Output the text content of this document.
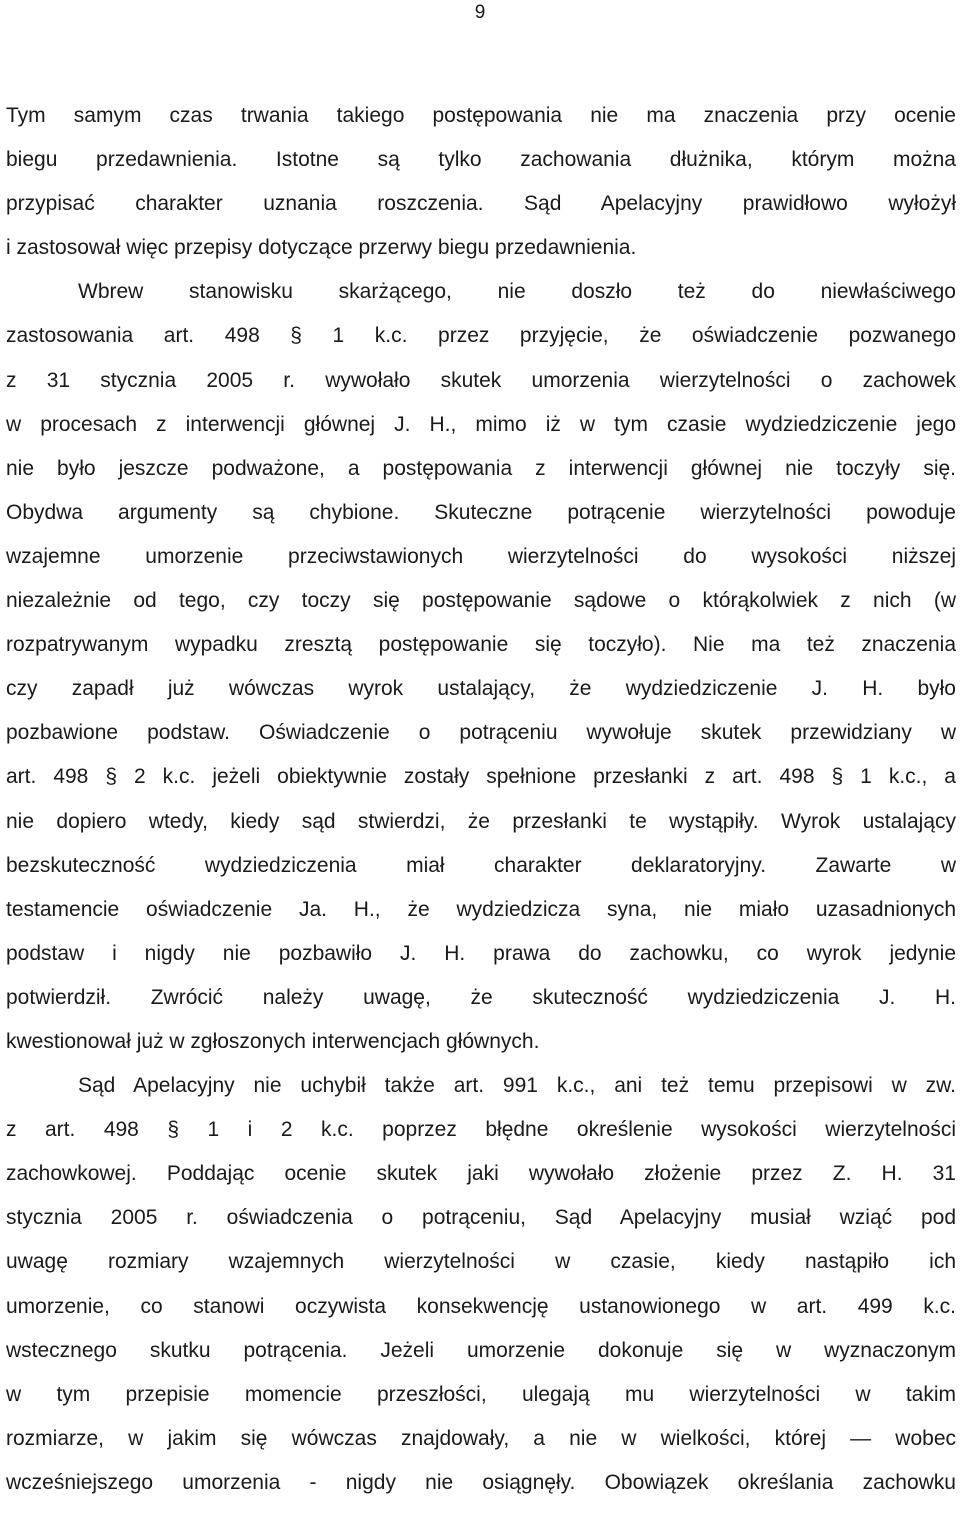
9
Tym samym czas trwania takiego postępowania nie ma znaczenia przy ocenie
biegu przedawnienia. Istotne są tylko zachowania dłużnika, którym można
przypisać charakter uznania roszczenia. Sąd Apelacyjny prawidłowo wyłożył
i zastosował więc przepisy dotyczące przerwy biegu przedawnienia.
Wbrew stanowisku skarżącego, nie doszło też do niewłaściwego
zastosowania art. 498 § 1 k.c. przez przyjęcie, że oświadczenie pozwanego
z 31 stycznia 2005 r. wywołało skutek umorzenia wierzytelności o zachowek
w procesach z interwencji głównej J. H., mimo iż w tym czasie wydziedziczenie jego
nie było jeszcze podważone, a postępowania z interwencji głównej nie toczyły się.
Obydwa argumenty są chybione. Skuteczne potrącenie wierzytelności powoduje
wzajemne umorzenie przeciwstawionych wierzytelności do wysokości niższej
niezależnie od tego, czy toczy się postępowanie sądowe o którąkolwiek z nich (w
rozpatrywanym wypadku zresztą postępowanie się toczyło). Nie ma też znaczenia
czy zapadł już wówczas wyrok ustalający, że wydziedziczenie J. H. było
pozbawione podstaw. Oświadczenie o potrąceniu wywołuje skutek przewidziany w
art. 498 § 2 k.c. jeżeli obiektywnie zostały spełnione przesłanki z art. 498 § 1 k.c., a
nie dopiero wtedy, kiedy sąd stwierdzi, że przesłanki te wystąpiły. Wyrok ustalający
bezskuteczność wydziedziczenia miał charakter deklaratoryjny. Zawarte w
testamencie oświadczenie Ja. H., że wydziedzicza syna, nie miało uzasadnionych
podstaw i nigdy nie pozbawiło J. H. prawa do zachowku, co wyrok jedynie
potwierdził. Zwrócić należy uwagę, że skuteczność wydziedziczenia J. H.
kwestionował już w zgłoszonych interwencjach głównych.
Sąd Apelacyjny nie uchybił także art. 991 k.c., ani też temu przepisowi w zw.
z art. 498 § 1 i 2 k.c. poprzez błędne określenie wysokości wierzytelności
zachowkowej. Poddając ocenie skutek jaki wywołało złożenie przez Z. H. 31
stycznia 2005 r. oświadczenia o potrąceniu, Sąd Apelacyjny musiał wziąć pod
uwagę rozmiary wzajemnych wierzytelności w czasie, kiedy nastąpiło ich
umorzenie, co stanowi oczywista konsekwencję ustanowionego w art. 499 k.c.
wstecznego skutku potrącenia. Jeżeli umorzenie dokonuje się w wyznaczonym
w tym przepisie momencie przeszłości, ulegają mu wierzytelności w takim
rozmiarze, w jakim się wówczas znajdowały, a nie w wielkości, której — wobec
wcześniejszego umorzenia - nigdy nie osiągnęły. Obowiązek określania zachowku
